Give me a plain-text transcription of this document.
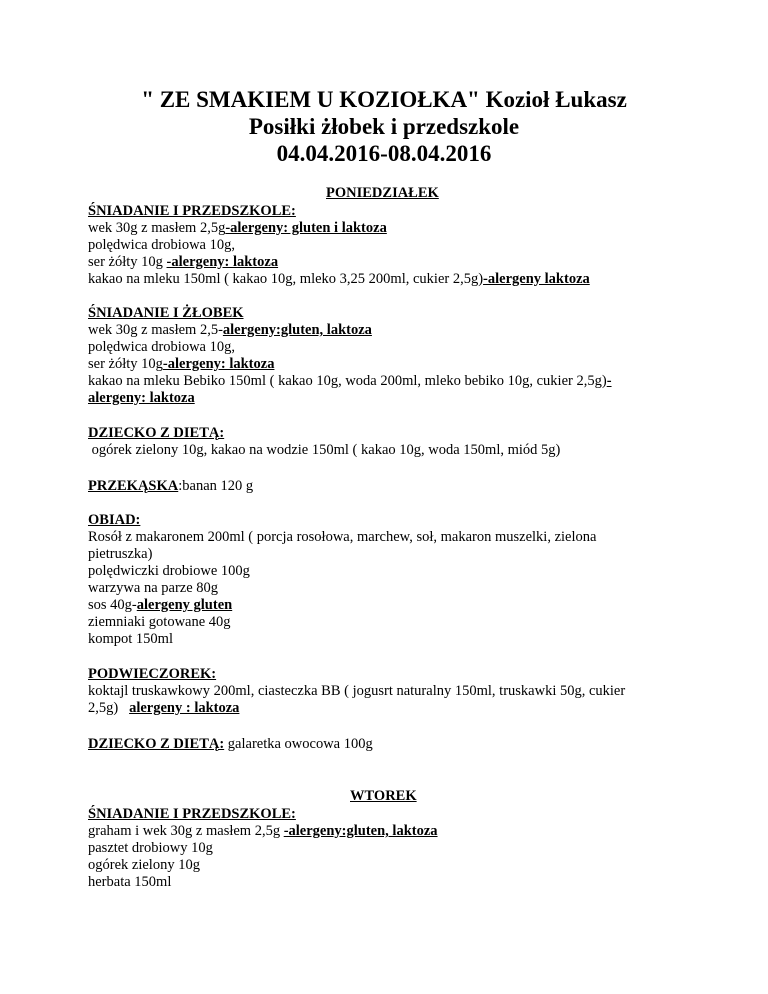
" ZE SMAKIEM U KOZIOŁKA" Kozioł Łukasz
Posiłki żłobek i przedszkole
04.04.2016-08.04.2016
PONIEDZIAŁEK
ŚNIADANIE I PRZEDSZKOLE:
wek 30g z masłem 2,5g-alergeny: gluten i laktoza
polędwica drobiowa 10g,
ser żółty 10g -alergeny: laktoza
kakao na mleku 150ml ( kakao 10g, mleko 3,25 200ml, cukier 2,5g)-alergeny laktoza
ŚNIADANIE I ŻŁOBEK
wek 30g z masłem 2,5-alergeny:gluten, laktoza
polędwica drobiowa 10g,
ser żółty 10g-alergeny: laktoza
kakao na mleku Bebiko 150ml ( kakao 10g, woda 200ml, mleko bebiko 10g, cukier 2,5g)-
alergeny: laktoza
DZIECKO Z DIETĄ:
ogórek zielony 10g, kakao na wodzie 150ml ( kakao 10g, woda 150ml, miód 5g)
PRZEKĄSKA:banan 120 g
OBIAD:
Rosół z makaronem 200ml ( porcja rosołowa, marchew, soł, makaron muszelki, zielona
pietruszka)
polędwiczki drobiowe 100g
warzywa na parze 80g
sos 40g-alergeny gluten
ziemniaki gotowane 40g
kompot 150ml
PODWIECZOREK:
koktajl truskawkowy 200ml, ciasteczka BB ( jogusrt naturalny 150ml, truskawki 50g, cukier
2,5g)   alergeny : laktoza
DZIECKO Z DIETĄ: galaretka owocowa 100g
WTOREK
ŚNIADANIE I PRZEDSZKOLE:
graham i wek 30g z masłem 2,5g -alergeny:gluten, laktoza
pasztet drobiowy 10g
ogórek zielony 10g
herbata 150ml
